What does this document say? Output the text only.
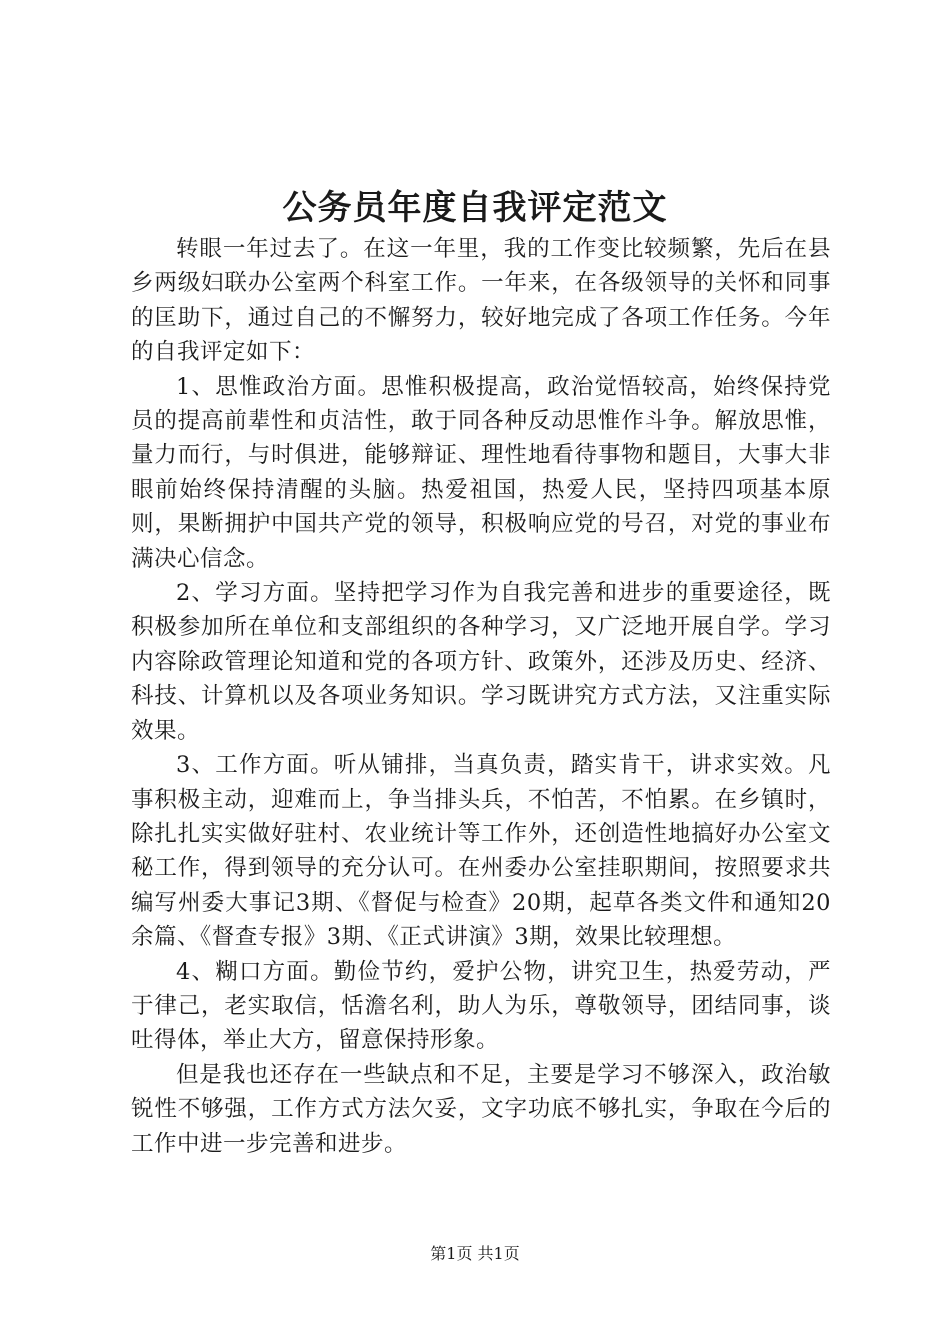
公务员年度自我评定范文

转眼一年过去了。在这一年里，我的工作变比较频繁，先后在县乡两级妇联办公室两个科室工作。一年来，在各级领导的关怀和同事的匡助下，通过自己的不懈努力，较好地完成了各项工作任务。今年的自我评定如下：

1、思惟政治方面。思惟积极提高，政治觉悟较高，始终保持党员的提高前辈性和贞洁性，敢于同各种反动思惟作斗争。解放思惟，量力而行，与时俱进，能够辩证、理性地看待事物和题目，大事大非眼前始终保持清醒的头脑。热爱祖国，热爱人民，坚持四项基本原则，果断拥护中国共产党的领导，积极响应党的号召，对党的事业布满决心信念。

2、学习方面。坚持把学习作为自我完善和进步的重要途径，既积极参加所在单位和支部组织的各种学习，又广泛地开展自学。学习内容除政管理论知道和党的各项方针、政策外，还涉及历史、经济、科技、计算机以及各项业务知识。学习既讲究方式方法，又注重实际效果。

3、工作方面。听从铺排，当真负责，踏实肯干，讲求实效。凡事积极主动，迎难而上，争当排头兵，不怕苦，不怕累。在乡镇时，除扎扎实实做好驻村、农业统计等工作外，还创造性地搞好办公室文秘工作，得到领导的充分认可。在州委办公室挂职期间，按照要求共编写州委大事记3期、《督促与检查》20期，起草各类文件和通知20余篇、《督查专报》3期、《正式讲演》3期，效果比较理想。

4、糊口方面。勤俭节约，爱护公物，讲究卫生，热爱劳动，严于律己，老实取信，恬澹名利，助人为乐，尊敬领导，团结同事，谈吐得体，举止大方，留意保持形象。

但是我也还存在一些缺点和不足，主要是学习不够深入，政治敏锐性不够强，工作方式方法欠妥，文字功底不够扎实，争取在今后的工作中进一步完善和进步。

第1页 共1页
